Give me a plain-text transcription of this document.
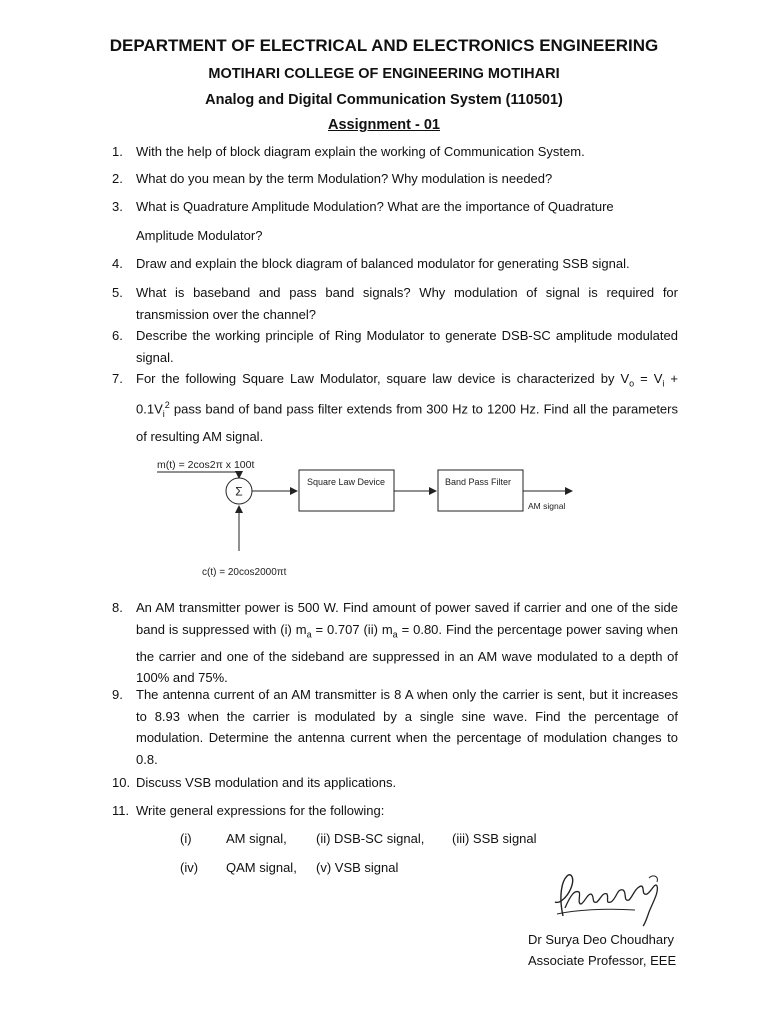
DEPARTMENT OF ELECTRICAL AND ELECTRONICS ENGINEERING
MOTIHARI COLLEGE OF ENGINEERING MOTIHARI
Analog and Digital Communication System (110501)
Assignment - 01
1. With the help of block diagram explain the working of Communication System.
2. What do you mean by the term Modulation? Why modulation is needed?
3. What is Quadrature Amplitude Modulation? What are the importance of Quadrature
Amplitude Modulator?
4. Draw and explain the block diagram of balanced modulator for generating SSB signal.
5. What is baseband and pass band signals? Why modulation of signal is required for transmission over the channel?
6. Describe the working principle of Ring Modulator to generate DSB-SC amplitude modulated signal.
7. For the following Square Law Modulator, square law device is characterized by $V_o = V_i + 0.1V_i^2$ pass band of band pass filter extends from 300 Hz to 1200 Hz. Find all the parameters of resulting AM signal.
m(t) = 2cos2π x 100t
Σ
Square Law Device	Band Pass Filter
AM signal
c(t) = 20cos2000πt
8. An AM transmitter power is 500 W. Find amount of power saved if carrier and one of the side band is suppressed with (i) $m_a = 0.707$ (ii) $m_a = 0.80$. Find the percentage power saving when the carrier and one of the sideband are suppressed in an AM wave modulated to a depth of 100% and 75%.
9. The antenna current of an AM transmitter is 8 A when only the carrier is sent, but it increases to 8.93 when the carrier is modulated by a single sine wave. Find the percentage of modulation. Determine the antenna current when the percentage of modulation changes to 0.8.
10. Discuss VSB modulation and its applications.
11. Write general expressions for the following:
(i)	AM signal, (ii) DSB-SC signal, (iii) SSB signal
(iv) QAM signal, (v) VSB signal
Dr Surya Deo Choudhary
Associate Professor, EEE
